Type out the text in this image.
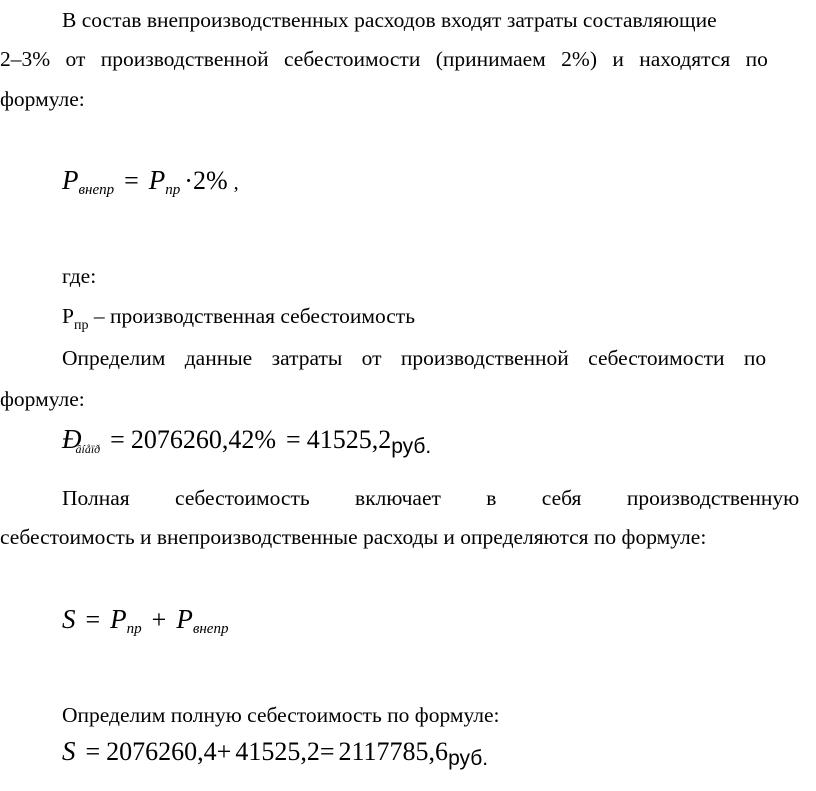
В состав внепроизводственных расходов входят затраты составляющие
2–3% от производственной себестоимости (принимаем 2%) и находятся по
формуле:
Pвнепр = Pпр ·2% ,
где:
$Р_{пр}$ – производственная себестоимость
Определим данные затраты от производственной себестоимости по
формуле:
$Đ_{âíåïð} = 2076260,42\% = 41525,2руб$.
Полная себестоимость включает в себя производственную
себестоимость и внепроизводственные расходы и определяются по формуле:
S = Pпр + Pвнепр
Определим полную себестоимость по формуле:
S = 2076260,4+ 41525,2= 2117785,6руб.
